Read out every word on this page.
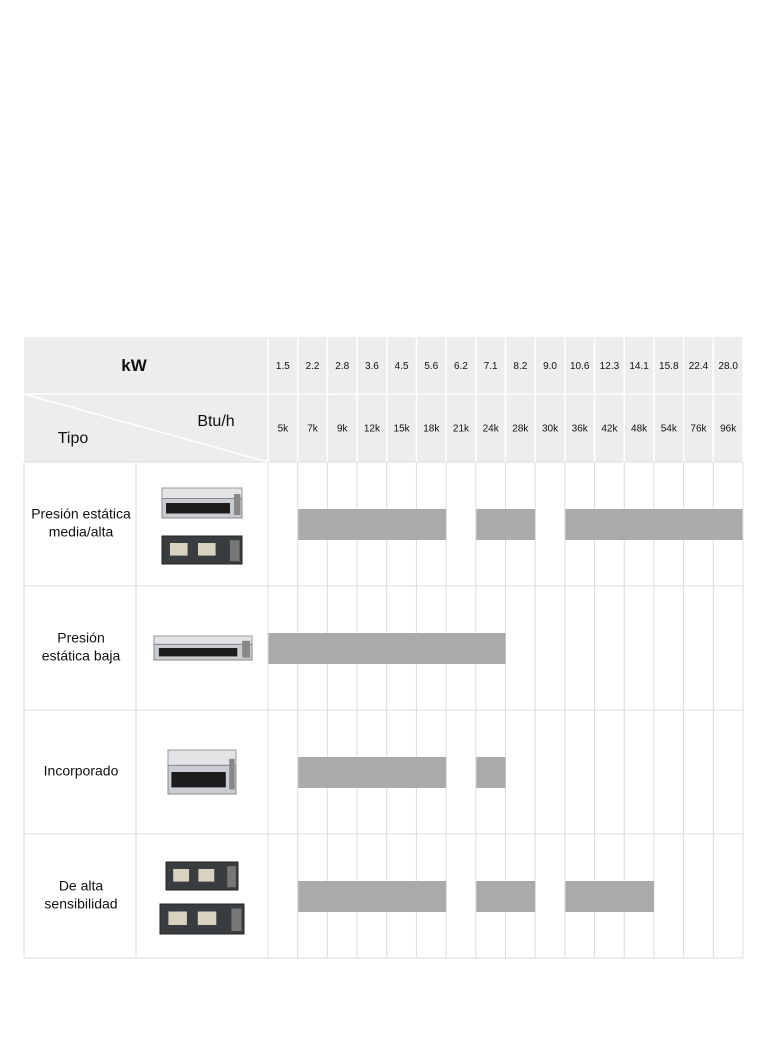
kW
Btu/h
Tipo
1.5 2.2 2.8 3.6 4.5 5.6 6.2 7.1 8.2 9.0 10.6 12.3 14.1 15.8 22.4 28.0
5k 7k 9k 12k 15k 18k 21k 24k 28k 30k 36k 42k 48k 54k 76k 96k
Presión estática
media/alta
Presión
estática baja
Incorporado
De alta
sensibilidad
